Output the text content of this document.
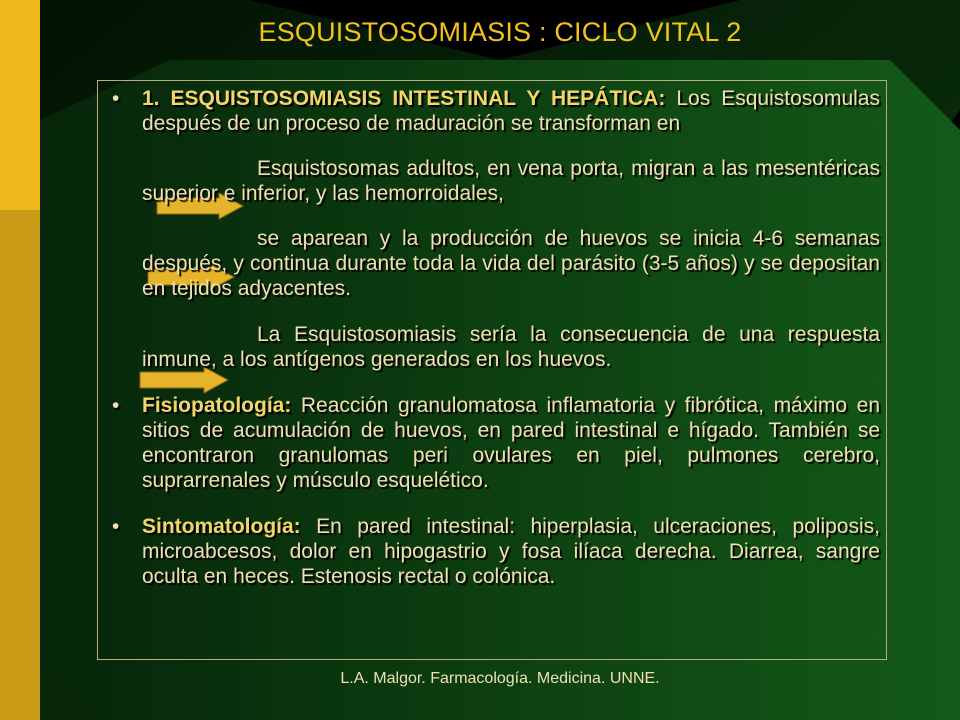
ESQUISTOSOMIASIS : CICLO VITAL 2
• 1. ESQUISTOSOMIASIS INTESTINAL Y HEPÁTICA: Los Esquistosomulas después de un proceso de maduración se transforman en
Esquistosomas adultos, en vena porta, migran a las mesentéricas superior e inferior, y las hemorroidales,
se aparean y la producción de huevos se inicia 4-6 semanas después, y continua durante toda la vida del parásito (3-5 años) y se depositan en tejidos adyacentes.
La Esquistosomiasis sería la consecuencia de una respuesta inmune, a los antígenos generados en los huevos.
• Fisiopatología: Reacción granulomatosa inflamatoria y fibrótica, máximo en sitios de acumulación de huevos, en pared intestinal e hígado. También se encontraron granulomas peri ovulares en piel, pulmones cerebro, suprarrenales y músculo esquelético.
• Sintomatología: En pared intestinal: hiperplasia, ulceraciones, poliposis, microabcesos, dolor en hipogastrio y fosa ilíaca derecha. Diarrea, sangre oculta en heces. Estenosis rectal o colónica.
L.A. Malgor. Farmacología. Medicina. UNNE.
